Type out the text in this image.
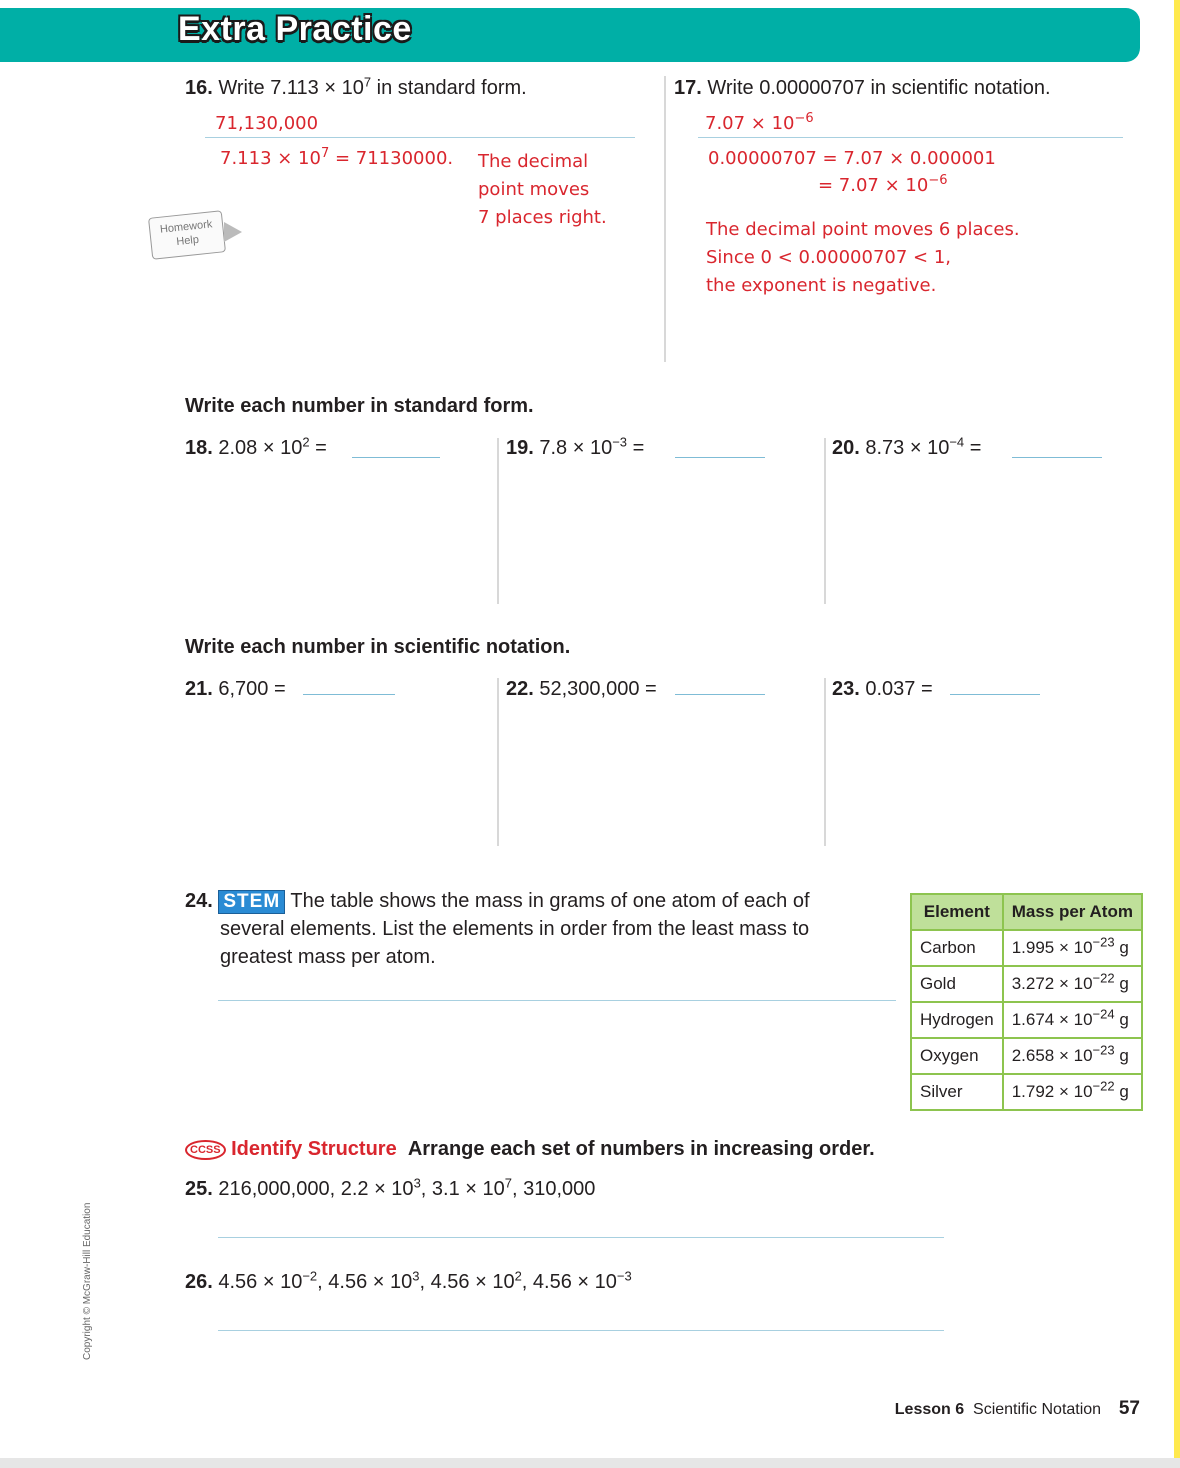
Extra Practice
Homework Help
16. Write $7.113 \times 10^7$ in standard form.
71,130,000
$7.113 \times 10^7 = 71130000$. The decimal
point moves
7 places right.
17. Write 0.00000707 in scientific notation.
$7.07 \times 10^{-6}$
0.00000707 = 7.07 × 0.000001
= $7.07 \times 10^{-6}$
The decimal point moves 6 places.
Since 0 < 0.00000707 < 1,
the exponent is negative.
Write each number in standard form.
18. $2.08 \times 10^2$ =	19. $7.8 \times 10^{-3}$ =	20. $8.73 \times 10^{-4}$ =
Write each number in scientific notation.
21. 6,700 =	22. 52,300,000 =	23. 0.037 =
24. STEM The table shows the mass in grams of one atom of each of
several elements. List the elements in order from the least mass to
greatest mass per atom.
Element	Mass per Atom
Carbon	$1.995 \times 10^{-23}$ g
Gold	$3.272 \times 10^{-22}$ g
Hydrogen	$1.674 \times 10^{-24}$ g
Oxygen	$2.658 \times 10^{-23}$ g
Silver	$1.792 \times 10^{-22}$ g
CCSS Identify Structure Arrange each set of numbers in increasing order.
25. 216,000,000, $2.2 \times 10^3$, $3.1 \times 10^7$, 310,000
26. $4.56 \times 10^{-2}$, $4.56 \times 10^3$, $4.56 \times 10^2$, $4.56 \times 10^{-3}$
Lesson 6 Scientific Notation 57
Copyright © McGraw-Hill Education
